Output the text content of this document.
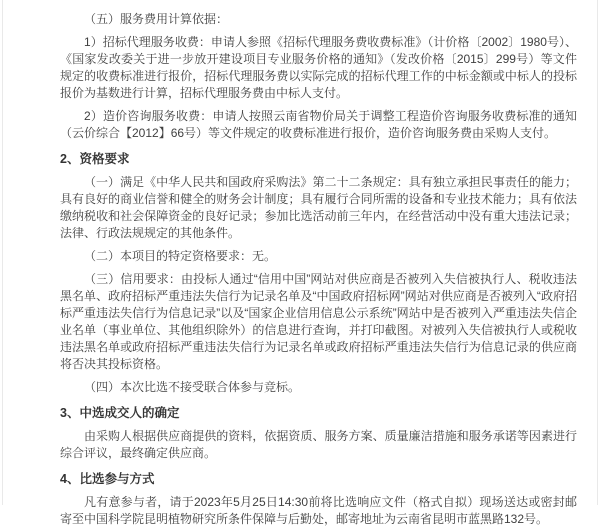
（五）服务费用计算依据：

1）招标代理服务收费：申请人参照《招标代理服务费收费标准》（计价格〔2002〕1980号）、《国家发改委关于进一步放开建设项目专业服务价格的通知》（发改价格〔2015〕299号）等文件规定的收费标准进行报价，招标代理服务费以实际完成的招标代理工作的中标金额或中标人的投标报价为基数进行计算，招标代理服务费由中标人支付。

2）造价咨询服务收费：申请人按照云南省物价局关于调整工程造价咨询服务收费标准的通知（云价综合【2012】66号）等文件规定的收费标准进行报价，造价咨询服务费由采购人支付。

2、资格要求

（一）满足《中华人民共和国政府采购法》第二十二条规定：具有独立承担民事责任的能力；具有良好的商业信誉和健全的财务会计制度；具有履行合同所需的设备和专业技术能力；具有依法缴纳税收和社会保障资金的良好记录；参加比选活动前三年内，在经营活动中没有重大违法记录；法律、行政法规规定的其他条件。

（二）本项目的特定资格要求：无。

（三）信用要求：由投标人通过“信用中国”网站对供应商是否被列入失信被执行人、税收违法黑名单、政府招标严重违法失信行为记录名单及“中国政府招标网”网站对供应商是否被列入“政府招标严重违法失信行为信息记录”以及“国家企业信用信息公示系统”网站中是否被列入严重违法失信企业名单（事业单位、其他组织除外）的信息进行查询，并打印截图。对被列入失信被执行人或税收违法黑名单或政府招标严重违法失信行为记录名单或政府招标严重违法失信行为信息记录的供应商将否决其投标资格。

（四）本次比选不接受联合体参与竞标。

3、中选成交人的确定

由采购人根据供应商提供的资料，依据资质、服务方案、质量廉洁措施和服务承诺等因素进行综合评议，最终确定供应商。

4、比选参与方式

凡有意参与者，请于2023年5月25日14:30前将比选响应文件（格式自拟）现场送达或密封邮寄至中国科学院昆明植物研究所条件保障与后勤处，邮寄地址为云南省昆明市蓝黑路132号。
